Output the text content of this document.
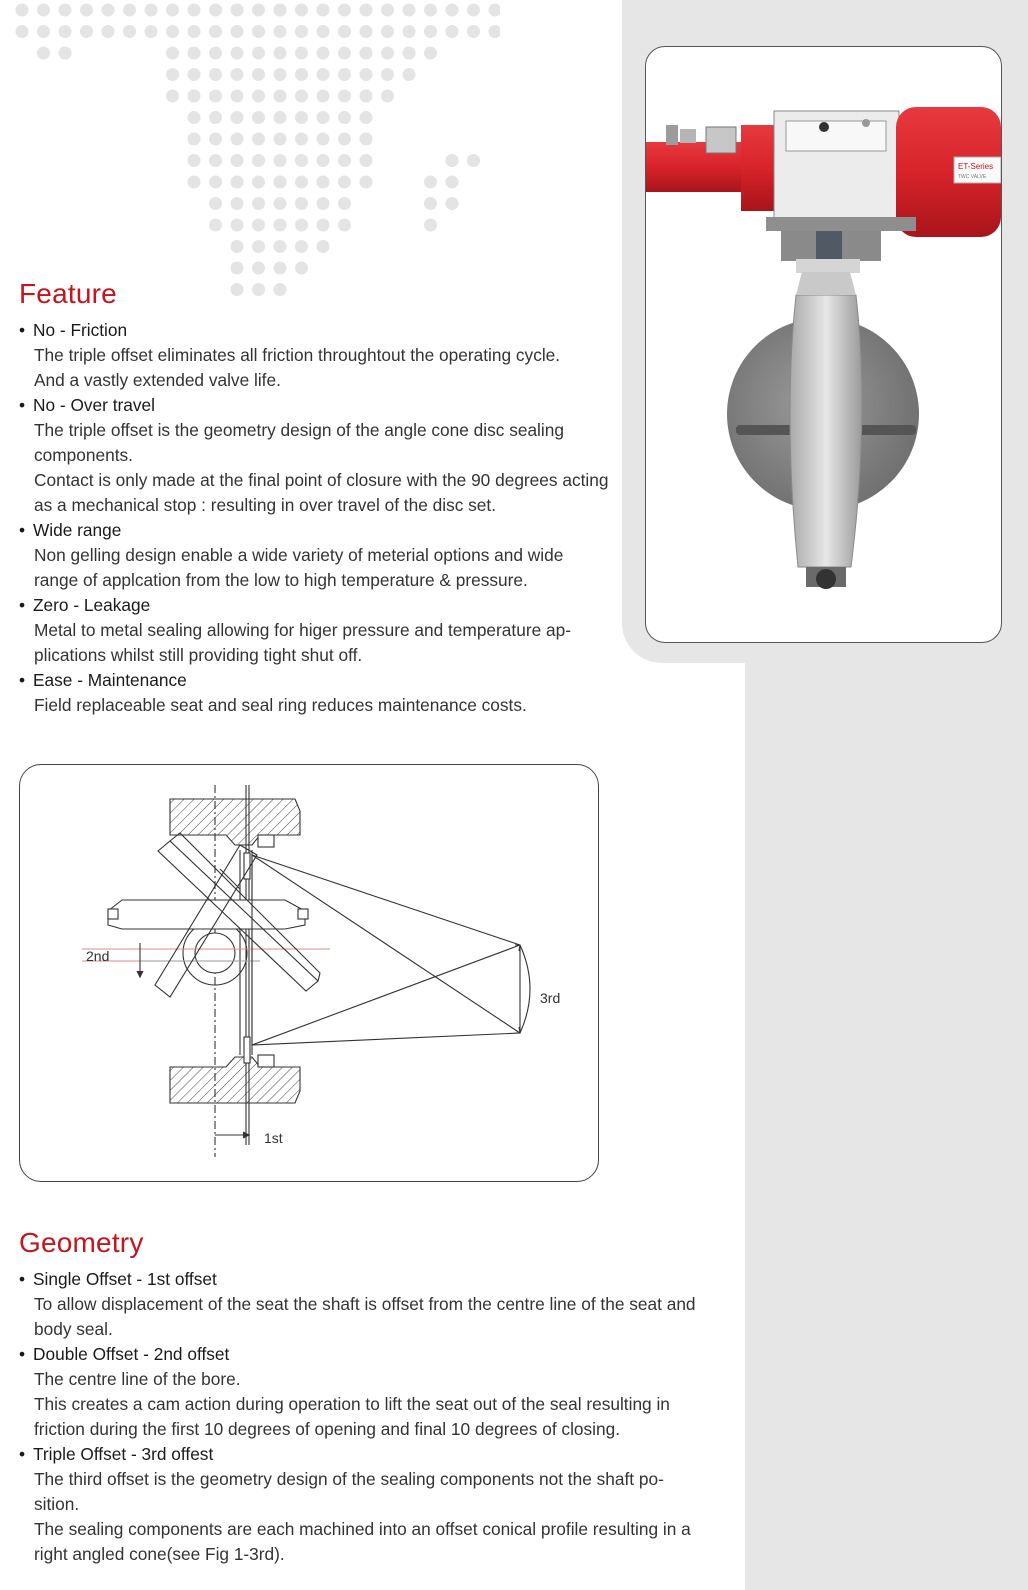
ET-Series
TWC VALVE
Feature
• No - Friction
The triple offset eliminates all friction throughtout the operating cycle.
And a vastly extended valve life.
• No - Over travel
The triple offset is the geometry design of the angle cone disc sealing components.
Contact is only made at the final point of closure with the 90 degrees acting as a mechanical stop : resulting in over travel of the disc set.
• Wide range
Non gelling design enable a wide variety of meterial options and wide range of applcation from the low to high temperature & pressure.
• Zero - Leakage
Metal to metal sealing allowing for higer pressure and temperature ap-plications whilst still providing tight shut off.
• Ease - Maintenance
Field replaceable seat and seal ring reduces maintenance costs.
2nd
3rd
1st
Geometry
• Single Offset - 1st offset
To allow displacement of the seat the shaft is offset from the centre line of the seat and body seal.
• Double Offset - 2nd offset
The centre line of the bore.
This creates a cam action during operation to lift the seat out of the seal resulting in friction during the first 10 degrees of opening and final 10 degrees of closing.
• Triple Offset - 3rd offest
The third offset is the geometry design of the sealing components not the shaft po-sition.
The sealing components are each machined into an offset conical profile resulting in a right angled cone(see Fig 1-3rd).
